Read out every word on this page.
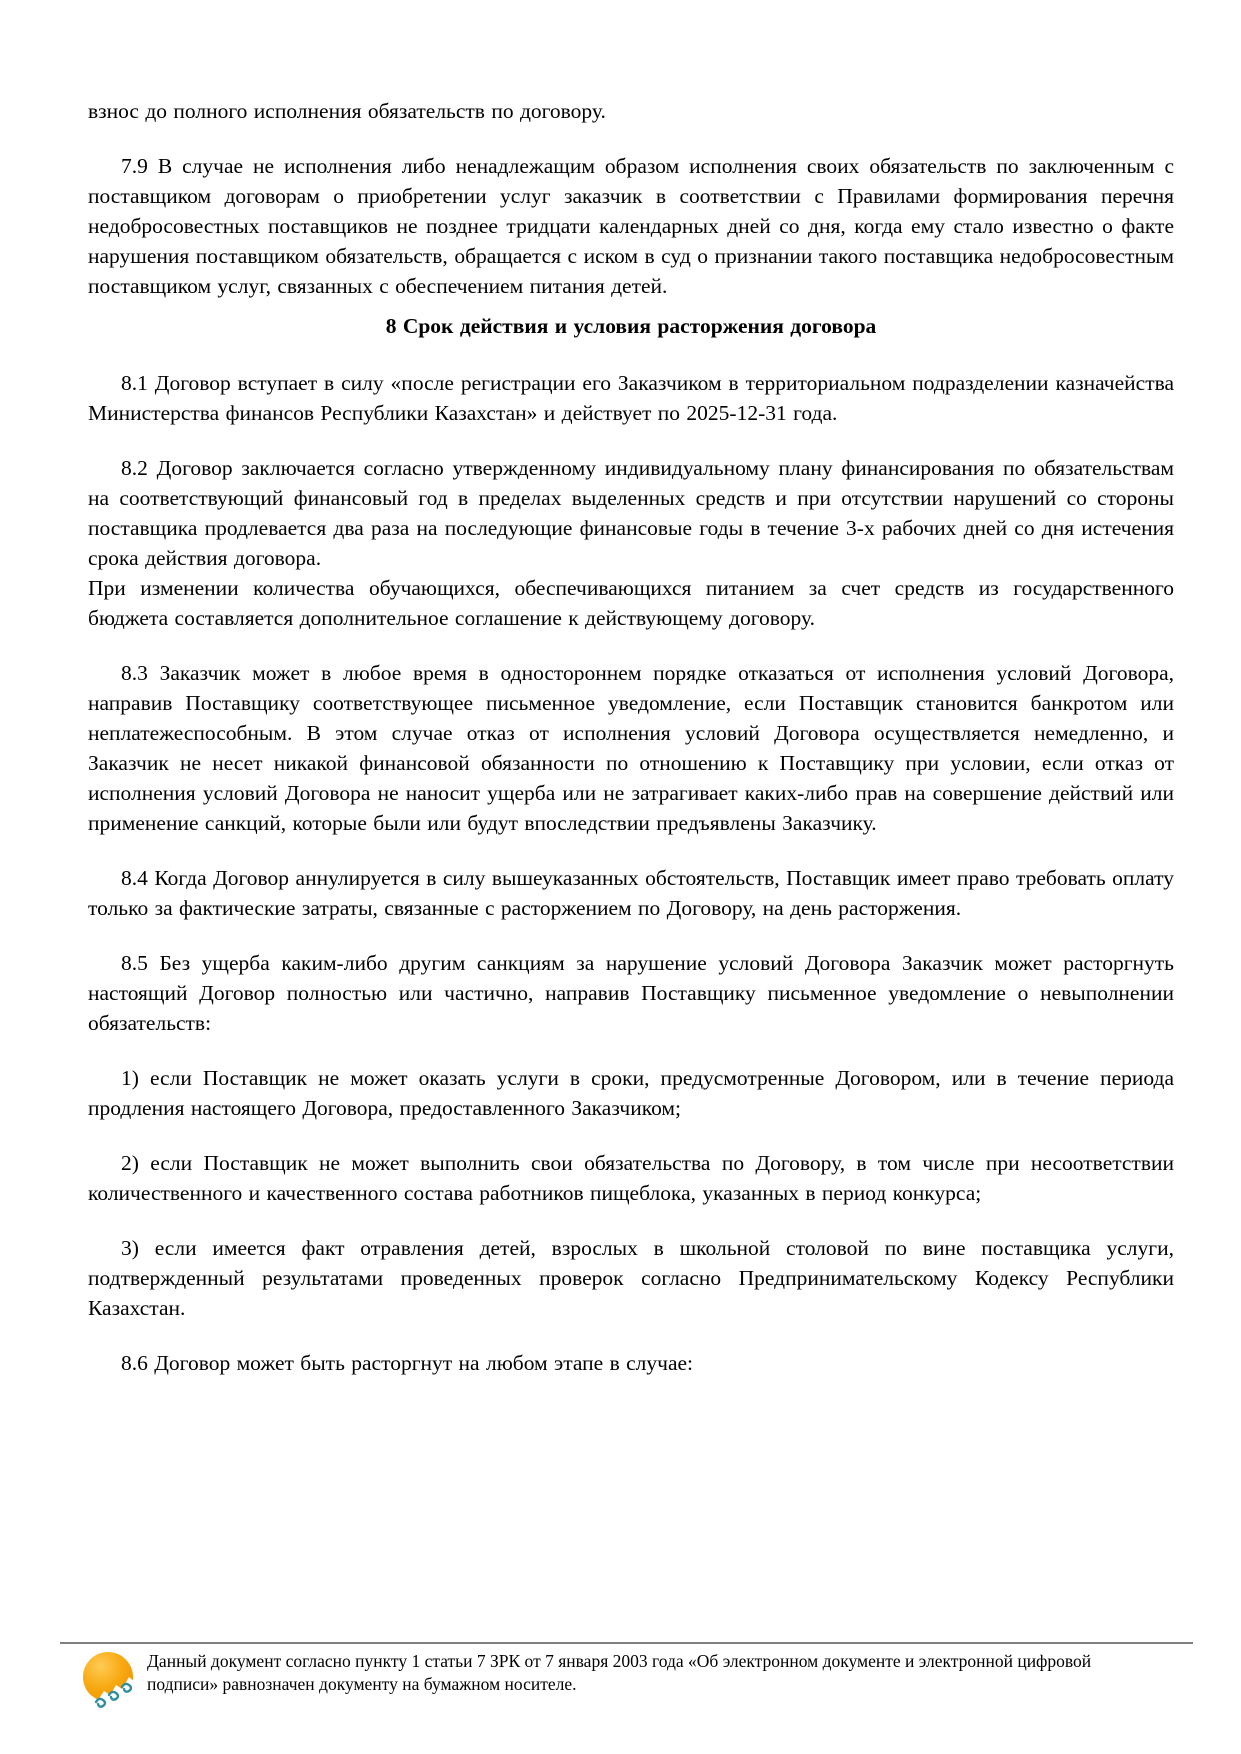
взнос до полного исполнения обязательств по договору.

7.9 В случае не исполнения либо ненадлежащим образом исполнения своих обязательств по заключенным с поставщиком договорам о приобретении услуг заказчик в соответствии с Правилами формирования перечня недобросовестных поставщиков не позднее тридцати календарных дней со дня, когда ему стало известно о факте нарушения поставщиком обязательств, обращается с иском в суд о признании такого поставщика недобросовестным поставщиком услуг, связанных с обеспечением питания детей.

8 Срок действия и условия расторжения договора

8.1 Договор вступает в силу «после регистрации его Заказчиком в территориальном подразделении казначейства Министерства финансов Республики Казахстан» и действует по 2025-12-31 года.

8.2 Договор заключается согласно утвержденному индивидуальному плану финансирования по обязательствам на соответствующий финансовый год в пределах выделенных средств и при отсутствии нарушений со стороны поставщика продлевается два раза на последующие финансовые годы в течение 3-х рабочих дней со дня истечения срока действия договора.

При изменении количества обучающихся, обеспечивающихся питанием за счет средств из государственного бюджета составляется дополнительное соглашение к действующему договору.

8.3 Заказчик может в любое время в одностороннем порядке отказаться от исполнения условий Договора, направив Поставщику соответствующее письменное уведомление, если Поставщик становится банкротом или неплатежеспособным. В этом случае отказ от исполнения условий Договора осуществляется немедленно, и Заказчик не несет никакой финансовой обязанности по отношению к Поставщику при условии, если отказ от исполнения условий Договора не наносит ущерба или не затрагивает каких-либо прав на совершение действий или применение санкций, которые были или будут впоследствии предъявлены Заказчику.

8.4 Когда Договор аннулируется в силу вышеуказанных обстоятельств, Поставщик имеет право требовать оплату только за фактические затраты, связанные с расторжением по Договору, на день расторжения.

8.5 Без ущерба каким-либо другим санкциям за нарушение условий Договора Заказчик может расторгнуть настоящий Договор полностью или частично, направив Поставщику письменное уведомление о невыполнении обязательств:

1) если Поставщик не может оказать услуги в сроки, предусмотренные Договором, или в течение периода продления настоящего Договора, предоставленного Заказчиком;

2) если Поставщик не может выполнить свои обязательства по Договору, в том числе при несоответствии количественного и качественного состава работников пищеблока, указанных в период конкурса;

3) если имеется факт отравления детей, взрослых в школьной столовой по вине поставщика услуги, подтвержденный результатами проведенных проверок согласно Предпринимательскому Кодексу Республики Казахстан.

8.6 Договор может быть расторгнут на любом этапе в случае:

Данный документ согласно пункту 1 статьи 7 ЗРК от 7 января 2003 года «Об электронном документе и электронной цифровой подписи» равнозначен документу на бумажном носителе.
